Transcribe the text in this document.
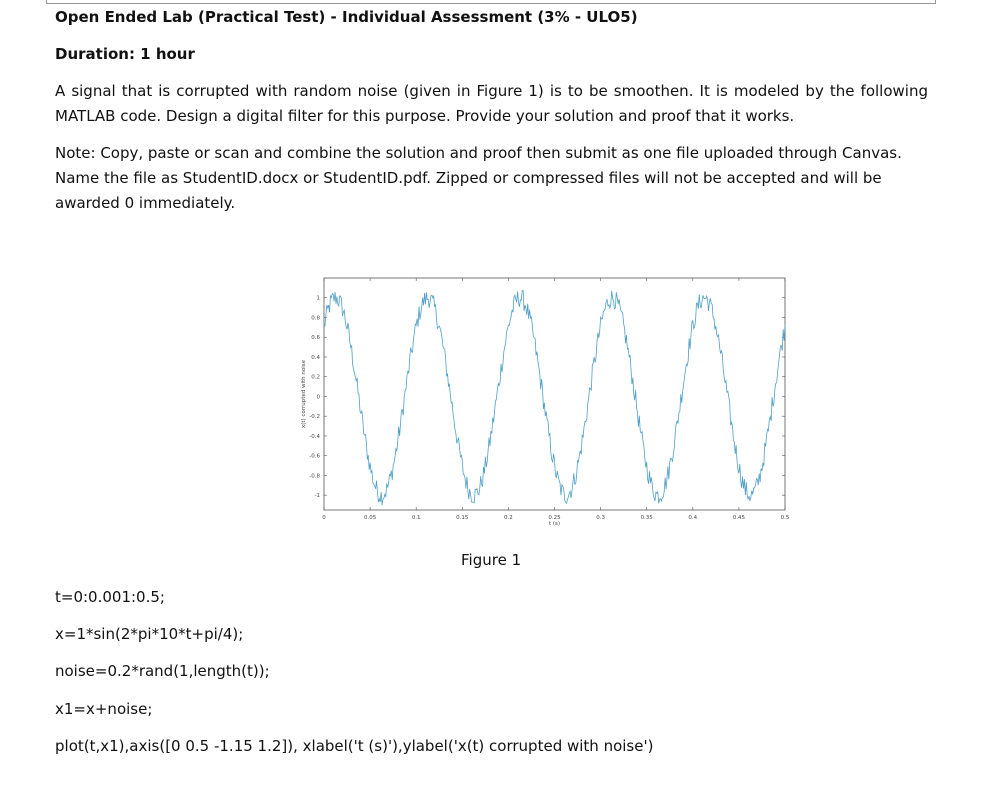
Open Ended Lab (Practical Test) - Individual Assessment (3% - ULO5)
Duration: 1 hour

A signal that is corrupted with random noise (given in Figure 1) is to be smoothen. It is modeled by the following MATLAB code. Design a digital filter for this purpose. Provide your solution and proof that it works.

Note: Copy, paste or scan and combine the solution and proof then submit as one file uploaded through Canvas. Name the file as StudentID.docx or StudentID.pdf. Zipped or compressed files will not be accepted and will be awarded 0 immediately.

0	0.05	0.1	0.15	0.2	0.25	0.3	0.35	0.4	0.45	0.5
-1
-0.8
-0.6
-0.4
-0.2
0
0.2
0.4
0.6
0.8
1
t (s)
x(t) corrupted with noise
Figure 1
t=0:0.001:0.5;
x=1*sin(2*pi*10*t+pi/4);
noise=0.2*rand(1,length(t));
x1=x+noise;
plot(t,x1),axis([0 0.5 -1.15 1.2]), xlabel('t (s)'),ylabel('x(t) corrupted with noise')
